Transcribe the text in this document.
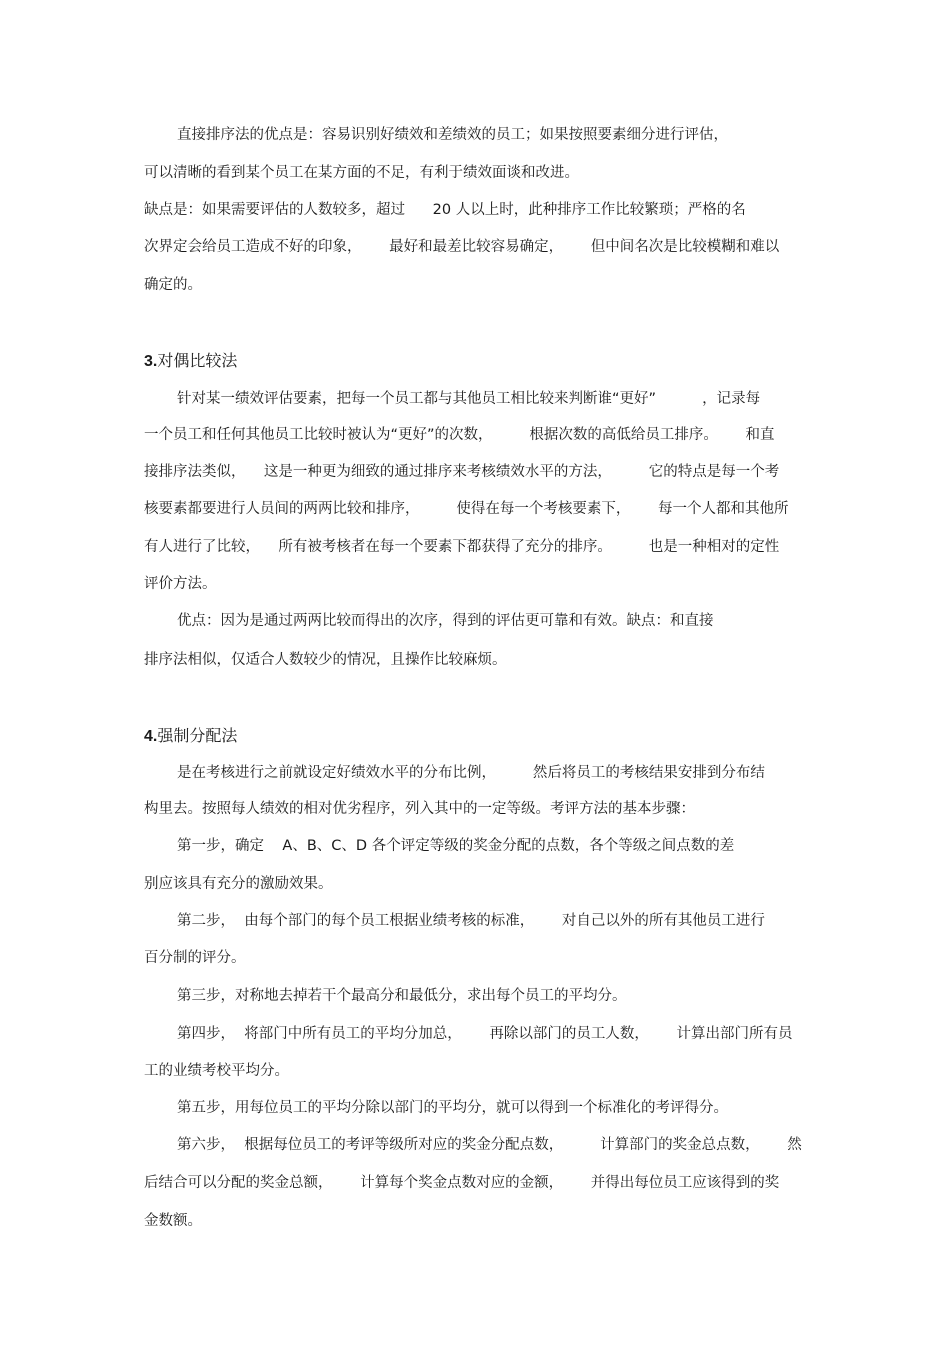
直接排序法的优点是：容易识别好绩效和差绩效的员工；如果按照要素细分进行评估，
可以清晰的看到某个员工在某方面的不足，有利于绩效面谈和改进。
缺点是：如果需要评估的人数较多，超过      20 人以上时，此种排序工作比较繁琐；严格的名
次界定会给员工造成不好的印象，      最好和最差比较容易确定，      但中间名次是比较模糊和难以
确定的。
3.对偶比较法
针对某一绩效评估要素，把每一个员工都与其他员工相比较来判断谁“更好”          ，记录每
一个员工和任何其他员工比较时被认为“更好”的次数，        根据次数的高低给员工排序。      和直
接排序法类似，    这是一种更为细致的通过排序来考核绩效水平的方法，        它的特点是每一个考
核要素都要进行人员间的两两比较和排序，        使得在每一个考核要素下，      每一个人都和其他所
有人进行了比较，    所有被考核者在每一个要素下都获得了充分的排序。        也是一种相对的定性
评价方法。
优点：因为是通过两两比较而得出的次序，得到的评估更可靠和有效。缺点：和直接
排序法相似，仅适合人数较少的情况，且操作比较麻烦。
4.强制分配法
是在考核进行之前就设定好绩效水平的分布比例，        然后将员工的考核结果安排到分布结
构里去。按照每人绩效的相对优劣程序，列入其中的一定等级。考评方法的基本步骤：
第一步，确定    A、B、C、D 各个评定等级的奖金分配的点数，各个等级之间点数的差
别应该具有充分的激励效果。
第二步，  由每个部门的每个员工根据业绩考核的标准，      对自己以外的所有其他员工进行
百分制的评分。
第三步，对称地去掉若干个最高分和最低分，求出每个员工的平均分。
第四步，  将部门中所有员工的平均分加总，      再除以部门的员工人数，      计算出部门所有员
工的业绩考校平均分。
第五步，用每位员工的平均分除以部门的平均分，就可以得到一个标准化的考评得分。
第六步，  根据每位员工的考评等级所对应的奖金分配点数，        计算部门的奖金总点数，      然
后结合可以分配的奖金总额，      计算每个奖金点数对应的金额，      并得出每位员工应该得到的奖
金数额。
